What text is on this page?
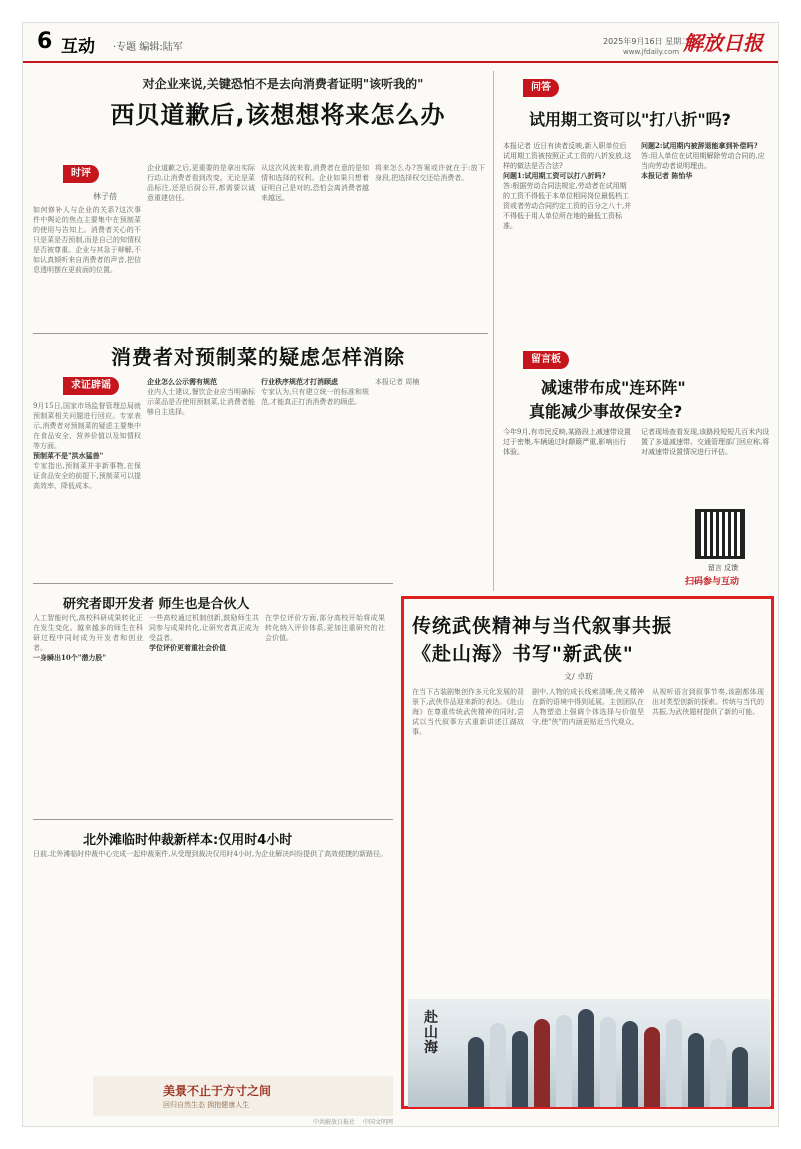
6 互动 ·专题 编辑:陆军
2025年9月16日 星期二
解放日报
www.jfdaily.com
对企业来说,关键恐怕不是去向消费者证明"该听我的"
西贝道歉后,该想想将来怎么办
时评
林子蓓
如何修补人与企业的关系?这次事件中舆论的焦点主要集中在预制菜的使用与告知上。消费者关心的不只是菜是否预制,而是自己的知情权是否被尊重。企业与其急于辩解,不如认真倾听来自消费者的声音,把信息透明摆在更前面的位置。
企业道歉之后,更重要的是拿出实际行动,让消费者看到改变。无论是菜品标注,还是后厨公开,都需要以诚意重建信任。
从这次风波来看,消费者在意的是知情和选择的权利。企业如果只想着证明自己是对的,恐怕会离消费者越来越远。
将来怎么办?答案或许就在于:放下身段,把选择权交还给消费者。
问答
试用期工资可以"打八折"吗?
本报记者 近日有读者反映,新入职单位后试用期工资被按照正式工资的八折发放,这样的做法是否合法?
问题1:试用期工资可以打八折吗?
答:根据劳动合同法规定,劳动者在试用期的工资不得低于本单位相同岗位最低档工资或者劳动合同约定工资的百分之八十,并不得低于用人单位所在地的最低工资标准。
问题2:试用期内被辞退能拿到补偿吗?
答:用人单位在试用期解除劳动合同的,应当向劳动者说明理由。
本报记者 陈怡华
消费者对预制菜的疑虑怎样消除
求证辟谣
9月15日,国家市场监督管理总局就预制菜相关问题进行回应。专家表示,消费者对预制菜的疑虑主要集中在食品安全、营养价值以及知情权等方面。
预制菜不是"洪水猛兽"
专家指出,预制菜并非新事物,在保证食品安全的前提下,预制菜可以提高效率、降低成本。
企业怎么公示需有规范
业内人士建议,餐饮企业应当明确标示菜品是否使用预制菜,让消费者能够自主选择。
行业秩序规范才打消顾虑
专家认为,只有建立统一的标准和规范,才能真正打消消费者的顾虑。
本报记者 周楠
留言板
减速带布成"连环阵"
真能减少事故保安全?
今年9月,有市民反映,某路段上减速带设置过于密集,车辆通过时颠簸严重,影响出行体验。
记者现场查看发现,该路段短短几百米内设置了多道减速带。交通管理部门回应称,将对减速带设置情况进行评估。
留言 反馈
扫码参与互动
研究者即开发者 师生也是合伙人
人工智能时代,高校科研成果转化正在发生变化。越来越多的师生在科研过程中同时成为开发者和创业者。
一身瞬出10个"潜力股"
一些高校通过机制创新,鼓励师生共同参与成果转化,让研究者真正成为受益者。
学位评价更着重社会价值
在学位评价方面,部分高校开始将成果转化纳入评价体系,更加注重研究的社会价值。
北外滩临时仲裁新样本:仅用时4小时
日前,北外滩临时仲裁中心完成一起仲裁案件,从受理到裁决仅用时4小时,为企业解决纠纷提供了高效便捷的新路径。
传统武侠精神与当代叙事共振
《赴山海》书写"新武侠"
文/ 卓昉
在当下古装剧集创作多元化发展的背景下,武侠作品迎来新的表达。《赴山海》在尊重传统武侠精神的同时,尝试以当代叙事方式重新讲述江湖故事。
剧中,人物的成长线索清晰,侠义精神在新的语境中得到延展。主创团队在人物塑造上强调个体选择与价值坚守,使"侠"的内涵更贴近当代观众。
从视听语言到叙事节奏,该剧都体现出对类型创新的探索。传统与当代的共振,为武侠题材提供了新的可能。
赴山海
美景不止于方寸之间
回归自然生态 拥抱健康人生
中共解放日报社 中国文明网
